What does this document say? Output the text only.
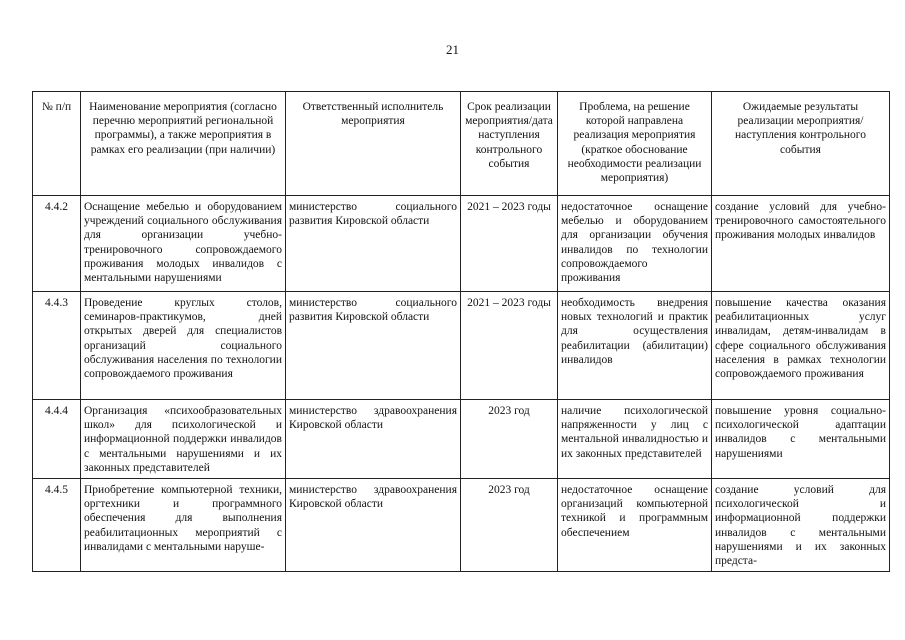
21
№ п/п	Наименование мероприятия (согласно перечню мероприятий региональной программы), а также мероприятия в рамках его реализации (при наличии)	Ответственный исполнитель мероприятия	Срок реализации мероприятия/дата наступления контрольного события	Проблема, на решение которой направлена реализация мероприятия (краткое обоснование необходимости реализации мероприятия)	Ожидаемые результаты реализации мероприятия/наступления контрольного события
4.4.2	Оснащение мебелью и оборудованием учреждений социального обслуживания для организации учебно-тренировочного сопровождаемого проживания молодых инвалидов с ментальными нарушениями	министерство социального развития Кировской области	2021 – 2023 годы	недостаточное оснащение мебелью и оборудованием для организации обучения инвалидов по технологии сопровождаемого проживания	создание условий для учебно-тренировочного самостоятельного проживания молодых инвалидов
4.4.3	Проведение круглых столов, семинаров-практикумов, дней открытых дверей для специалистов организаций социального обслуживания населения по технологии сопровождаемого проживания	министерство социального развития Кировской области	2021 – 2023 годы	необходимость внедрения новых технологий и практик для осуществления реабилитации (абилитации) инвалидов	повышение качества оказания реабилитационных услуг инвалидам, детям-инвалидам в сфере социального обслуживания населения в рамках технологии сопровождаемого проживания
4.4.4	Организация «психообразовательных школ» для психологической и информационной поддержки инвалидов с ментальными нарушениями и их законных представителей	министерство здравоохранения Кировской области	2023 год	наличие психологической напряженности у лиц с ментальной инвалидностью и их законных представителей	повышение уровня социально-психологической адаптации инвалидов с ментальными нарушениями
4.4.5	Приобретение компьютерной техники, оргтехники и программного обеспечения для выполнения реабилитационных мероприятий с инвалидами с ментальными наруше-	министерство здравоохранения Кировской области	2023 год	недостаточное оснащение организаций компьютерной техникой и программным обеспечением	создание условий для психологической и информационной поддержки инвалидов с ментальными нарушениями и их законных предста-
